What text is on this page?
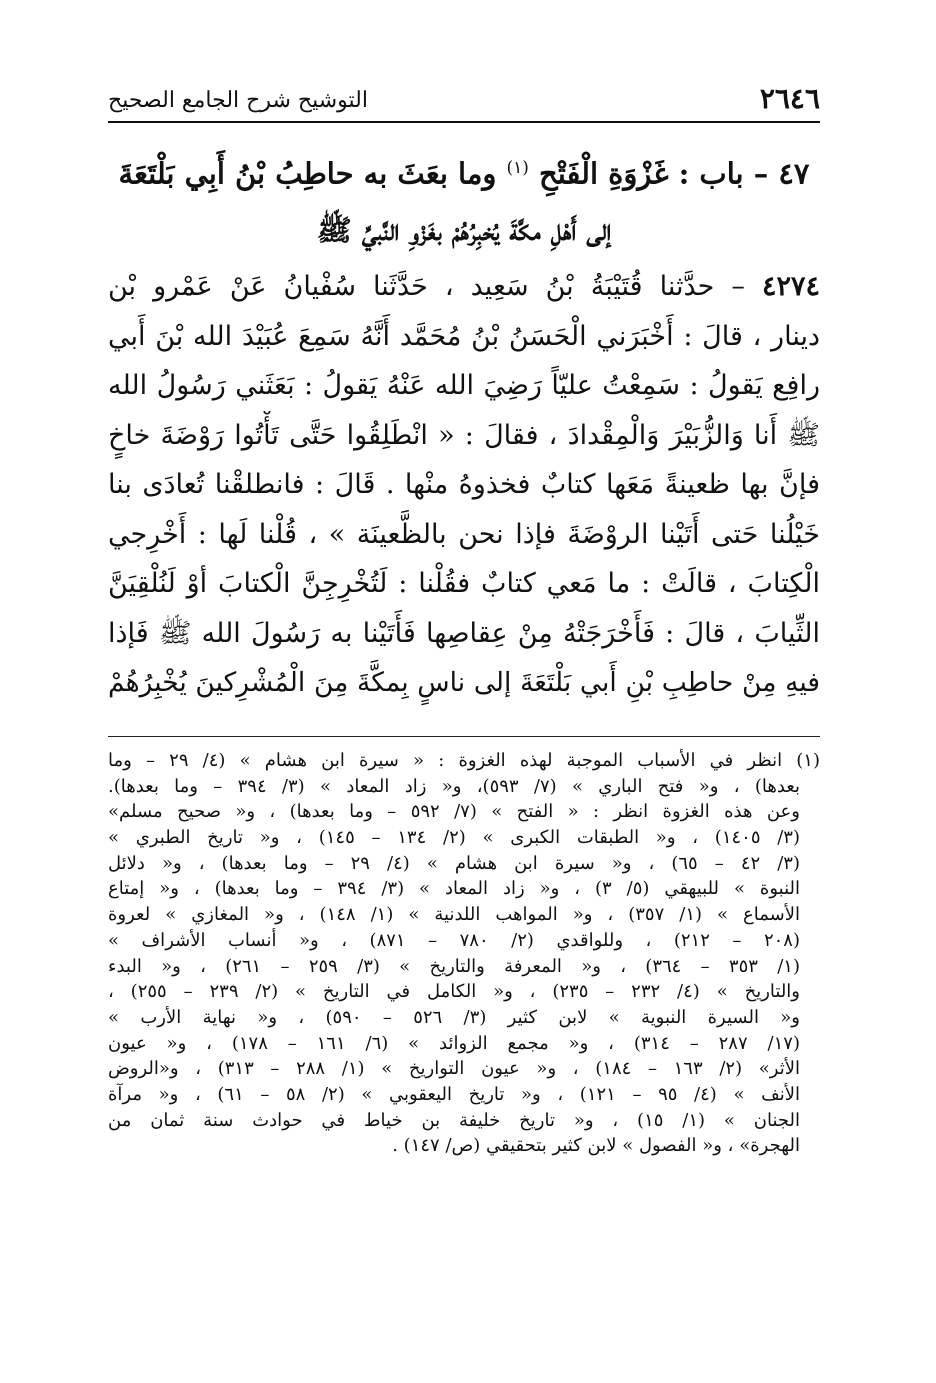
٢٦٤٦
التوشيح شرح الجامع الصحيح
٤٧ – باب : غَزْوَةِ الْفَتْحِ $^{(١)}$ وما بعَثَ به حاطِبُ بْنُ أَبِي بَلْتَعَةَ
إلى أَهْلِ مكَّةَ يُخبِرُهُمْ بغَزْوِ النَّبيِّ ﷺ
٤٢٧٤ – حدَّثنا قُتَيْبَةُ بْنُ سَعِيد ، حَدَّثَنا سُفْيانُ عَنْ عَمْرو بْن
دينار ، قالَ : أَخْبَرَني الْحَسَنُ بْنُ مُحَمَّد أَنَّهُ سَمِعَ عُبَيْدَ الله بْنَ أَبي
رافِع يَقولُ : سَمِعْتُ عليّاً رَضِيَ الله عَنْهُ يَقولُ : بَعَثَني رَسُولُ الله
ﷺ أَنا وَالزُّبَيْرَ وَالْمِقْدادَ ، فقالَ : « انْطَلِقُوا حَتَّى تَأْتُوا رَوْضَةَ خاخٍ
فإنَّ بها ظعينةً مَعَها كتابٌ فخذوهُ منْها . قَالَ : فانطلقْنا تُعادَى بنا
خَيْلُنا حَتى أَتَيْنا الروْضَةَ فإذا نحن بالظَّعينَة » ، قُلْنا لَها : أَخْرِجي
الْكِتابَ ، قالَتْ : ما مَعي كتابٌ فقُلْنا : لَتُخْرِجِنَّ الْكتابَ أوْ لَنُلْقِيَنَّ
الثِّيابَ ، قالَ : فَأَخْرَجَتْهُ مِنْ عِقاصِها فَأَتَيْنا به رَسُولَ الله ﷺ فَإذا
فيهِ مِنْ حاطِبِ بْنِ أَبي بَلْتَعَةَ إلى ناسٍ بِمكَّةَ مِنَ الْمُشْرِكينَ يُخْبِرُهُمْ
(١) انظر في الأسباب الموجبة لهذه الغزوة : « سيرة ابن هشام » (٤/ ٢٩ – وما
بعدها) ، و« فتح الباري » (٧/ ٥٩٣)، و« زاد المعاد » (٣/ ٣٩٤ – وما بعدها).
وعن هذه الغزوة انظر : « الفتح » (٧/ ٥٩٢ – وما بعدها) ، و« صحيح مسلم»
(٣/ ١٤٠٥) ، و« الطبقات الكبرى » (٢/ ١٣٤ – ١٤٥) ، و« تاريخ الطبري »
(٣/ ٤٢ – ٦٥) ، و« سيرة ابن هشام » (٤/ ٢٩ – وما بعدها) ، و« دلائل
النبوة » للبيهقي (٥/ ٣) ، و« زاد المعاد » (٣/ ٣٩٤ – وما بعدها) ، و« إمتاع
الأسماع » (١/ ٣٥٧) ، و« المواهب اللدنية » (١/ ١٤٨) ، و« المغازي » لعروة
(٢٠٨ – ٢١٢) ، وللواقدي (٢/ ٧٨٠ – ٨٧١) ، و« أنساب الأشراف »
(١/ ٣٥٣ – ٣٦٤) ، و« المعرفة والتاريخ » (٣/ ٢٥٩ – ٢٦١) ، و« البدء
والتاريخ » (٤/ ٢٣٢ – ٢٣٥) ، و« الكامل في التاريخ » (٢/ ٢٣٩ – ٢٥٥) ،
و« السيرة النبوية » لابن كثير (٣/ ٥٢٦ – ٥٩٠) ، و« نهاية الأرب »
(١٧/ ٢٨٧ – ٣١٤) ، و« مجمع الزوائد » (٦/ ١٦١ – ١٧٨) ، و« عيون
الأثر» (٢/ ١٦٣ – ١٨٤) ، و« عيون التواريخ » (١/ ٢٨٨ – ٣١٣) ، و«الروض
الأُنف » (٤/ ٩٥ – ١٢١) ، و« تاريخ اليعقوبي » (٢/ ٥٨ – ٦١) ، و« مرآة
الجنان » (١/ ١٥) ، و« تاريخ خليفة بن خياط في حوادث سنة ثمان من
الهجرة» ، و« الفصول » لابن كثير بتحقيقي (ص/ ١٤٧) .
